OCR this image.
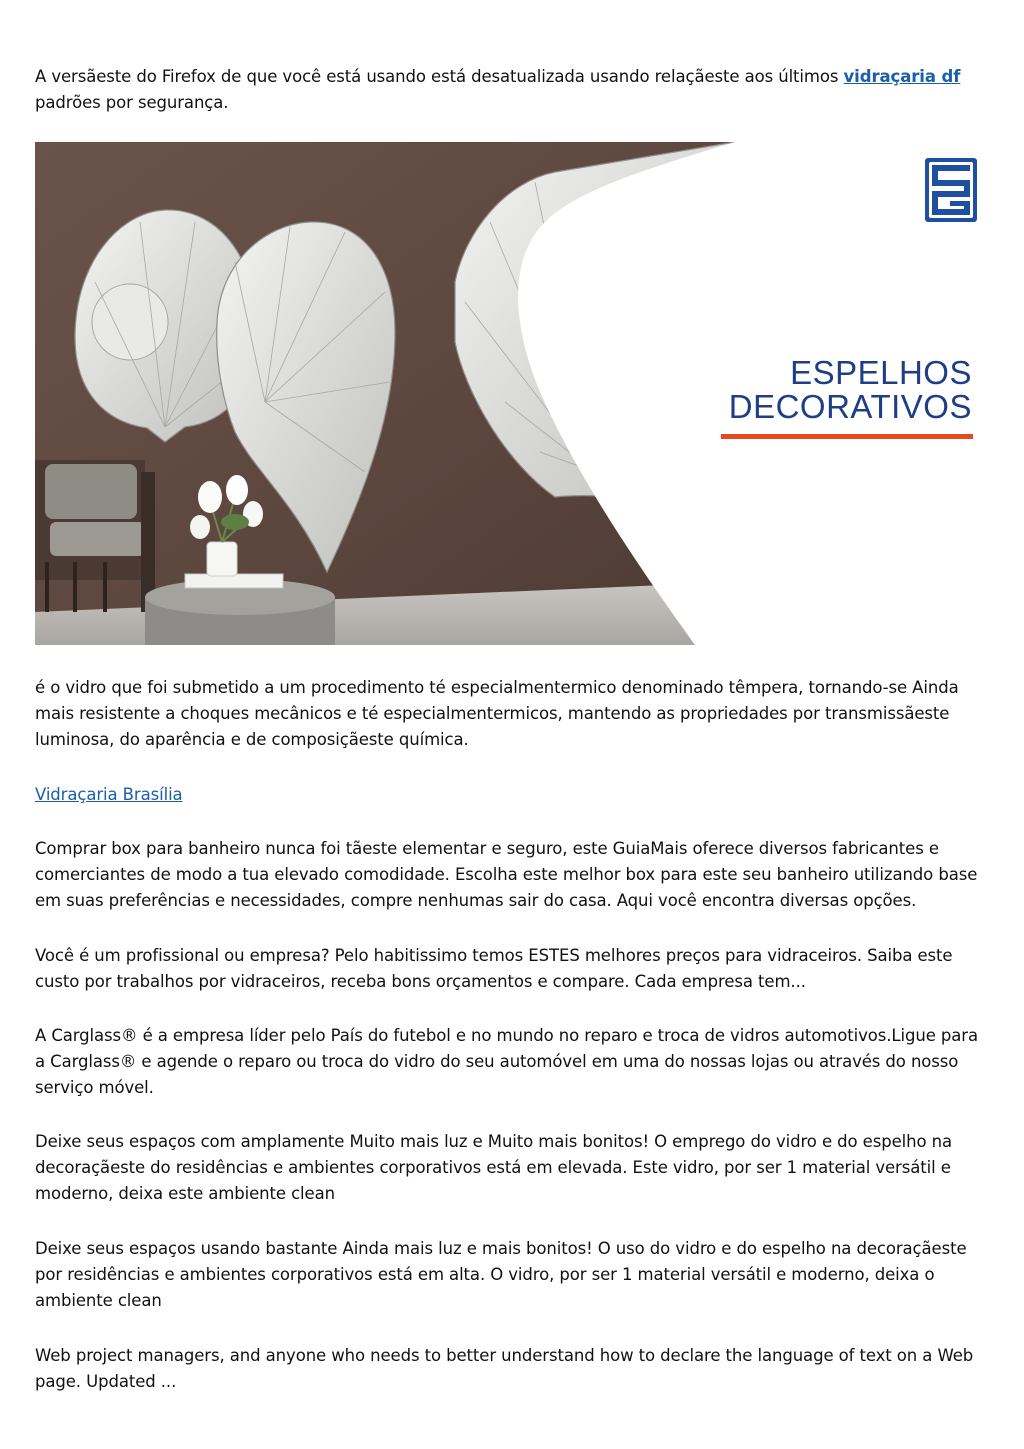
A versãeste do Firefox de que você está usando está desatualizada usando relaçãeste aos últimos vidraçaria df padrões por segurança.

ESPELHOS
DECORATIVOS

é o vidro que foi submetido a um procedimento té especialmentermico denominado têmpera, tornando-se Ainda mais resistente a choques mecânicos e té especialmentermicos, mantendo as propriedades por transmissãeste luminosa, do aparência e de composiçãeste química.

Vidraçaria Brasília

Comprar box para banheiro nunca foi tãeste elementar e seguro, este GuiaMais oferece diversos fabricantes e comerciantes de modo a tua elevado comodidade. Escolha este melhor box para este seu banheiro utilizando base em suas preferências e necessidades, compre nenhumas sair do casa. Aqui você encontra diversas opções.

Você é um profissional ou empresa? Pelo habitissimo temos ESTES melhores preços para vidraceiros. Saiba este custo por trabalhos por vidraceiros, receba bons orçamentos e compare. Cada empresa tem...

A Carglass® é a empresa líder pelo País do futebol e no mundo no reparo e troca de vidros automotivos.Ligue para a Carglass® e agende o reparo ou troca do vidro do seu automóvel em uma do nossas lojas ou através do nosso serviço móvel.

Deixe seus espaços com amplamente Muito mais luz e Muito mais bonitos! O emprego do vidro e do espelho na decoraçãeste do residências e ambientes corporativos está em elevada. Este vidro, por ser 1 material versátil e moderno, deixa este ambiente clean

Deixe seus espaços usando bastante Ainda mais luz e mais bonitos! O uso do vidro e do espelho na decoraçãeste por residências e ambientes corporativos está em alta. O vidro, por ser 1 material versátil e moderno, deixa o ambiente clean

Web project managers, and anyone who needs to better understand how to declare the language of text on a Web page. Updated ...
